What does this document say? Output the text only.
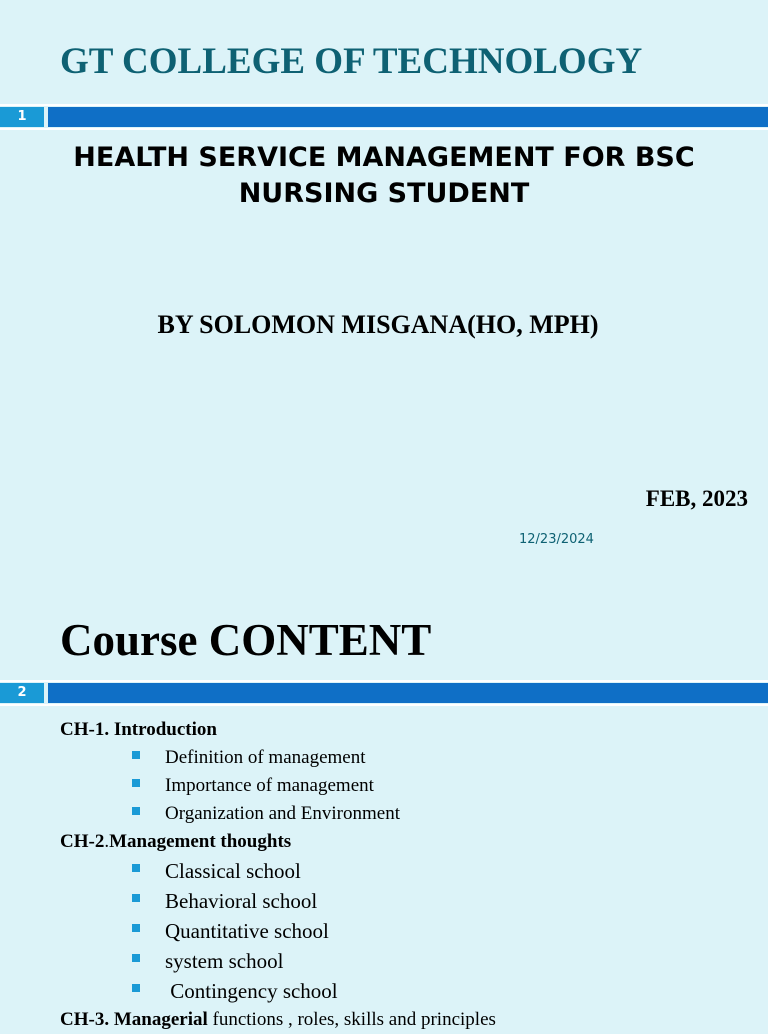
GT COLLEGE OF TECHNOLOGY
1
HEALTH SERVICE MANAGEMENT FOR BSC
NURSING STUDENT
BY SOLOMON MISGANA(HO, MPH)
FEB, 2023
12/23/2024
Course CONTENT
2
CH-1. Introduction
Definition of management
Importance of management
Organization and Environment
CH-2.Management thoughts
Classical school
Behavioral school
Quantitative school
system school
Contingency school
CH-3. Managerial functions , roles, skills and principles
